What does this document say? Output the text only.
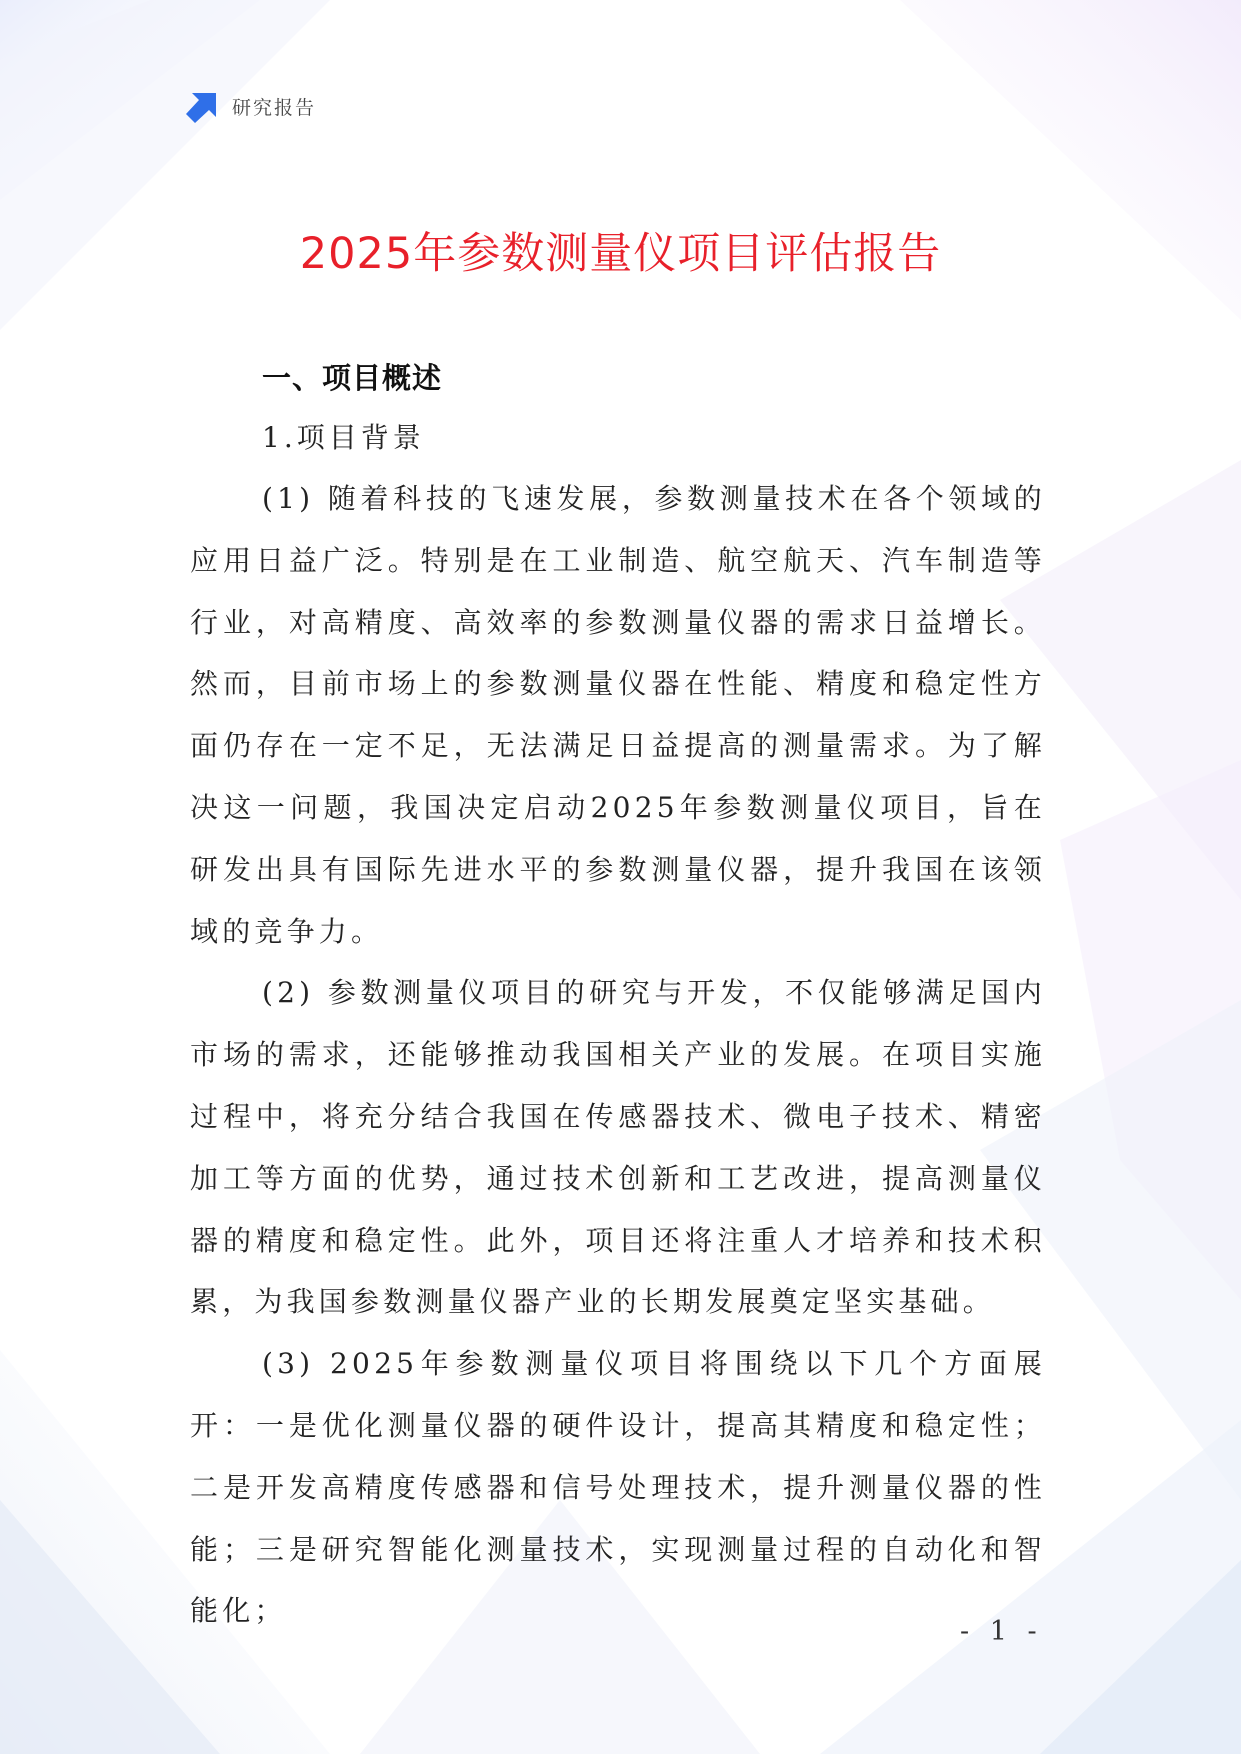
研究报告
2025年参数测量仪项目评估报告
一、项目概述
1.项目背景

(1) 随着科技的飞速发展，参数测量技术在各个领域的应用日益广泛。特别是在工业制造、航空航天、汽车制造等行业，对高精度、高效率的参数测量仪器的需求日益增长。然而，目前市场上的参数测量仪器在性能、精度和稳定性方面仍存在一定不足，无法满足日益提高的测量需求。为了解决这一问题，我国决定启动2025年参数测量仪项目，旨在研发出具有国际先进水平的参数测量仪器，提升我国在该领域的竞争力。

(2) 参数测量仪项目的研究与开发，不仅能够满足国内市场的需求，还能够推动我国相关产业的发展。在项目实施过程中，将充分结合我国在传感器技术、微电子技术、精密加工等方面的优势，通过技术创新和工艺改进，提高测量仪器的精度和稳定性。此外，项目还将注重人才培养和技术积累，为我国参数测量仪器产业的长期发展奠定坚实基础。

(3) 2025年参数测量仪项目将围绕以下几个方面展开：一是优化测量仪器的硬件设计，提高其精度和稳定性；二是开发高精度传感器和信号处理技术，提升测量仪器的性能；三是研究智能化测量技术，实现测量过程的自动化和智能化；

- 1 -
